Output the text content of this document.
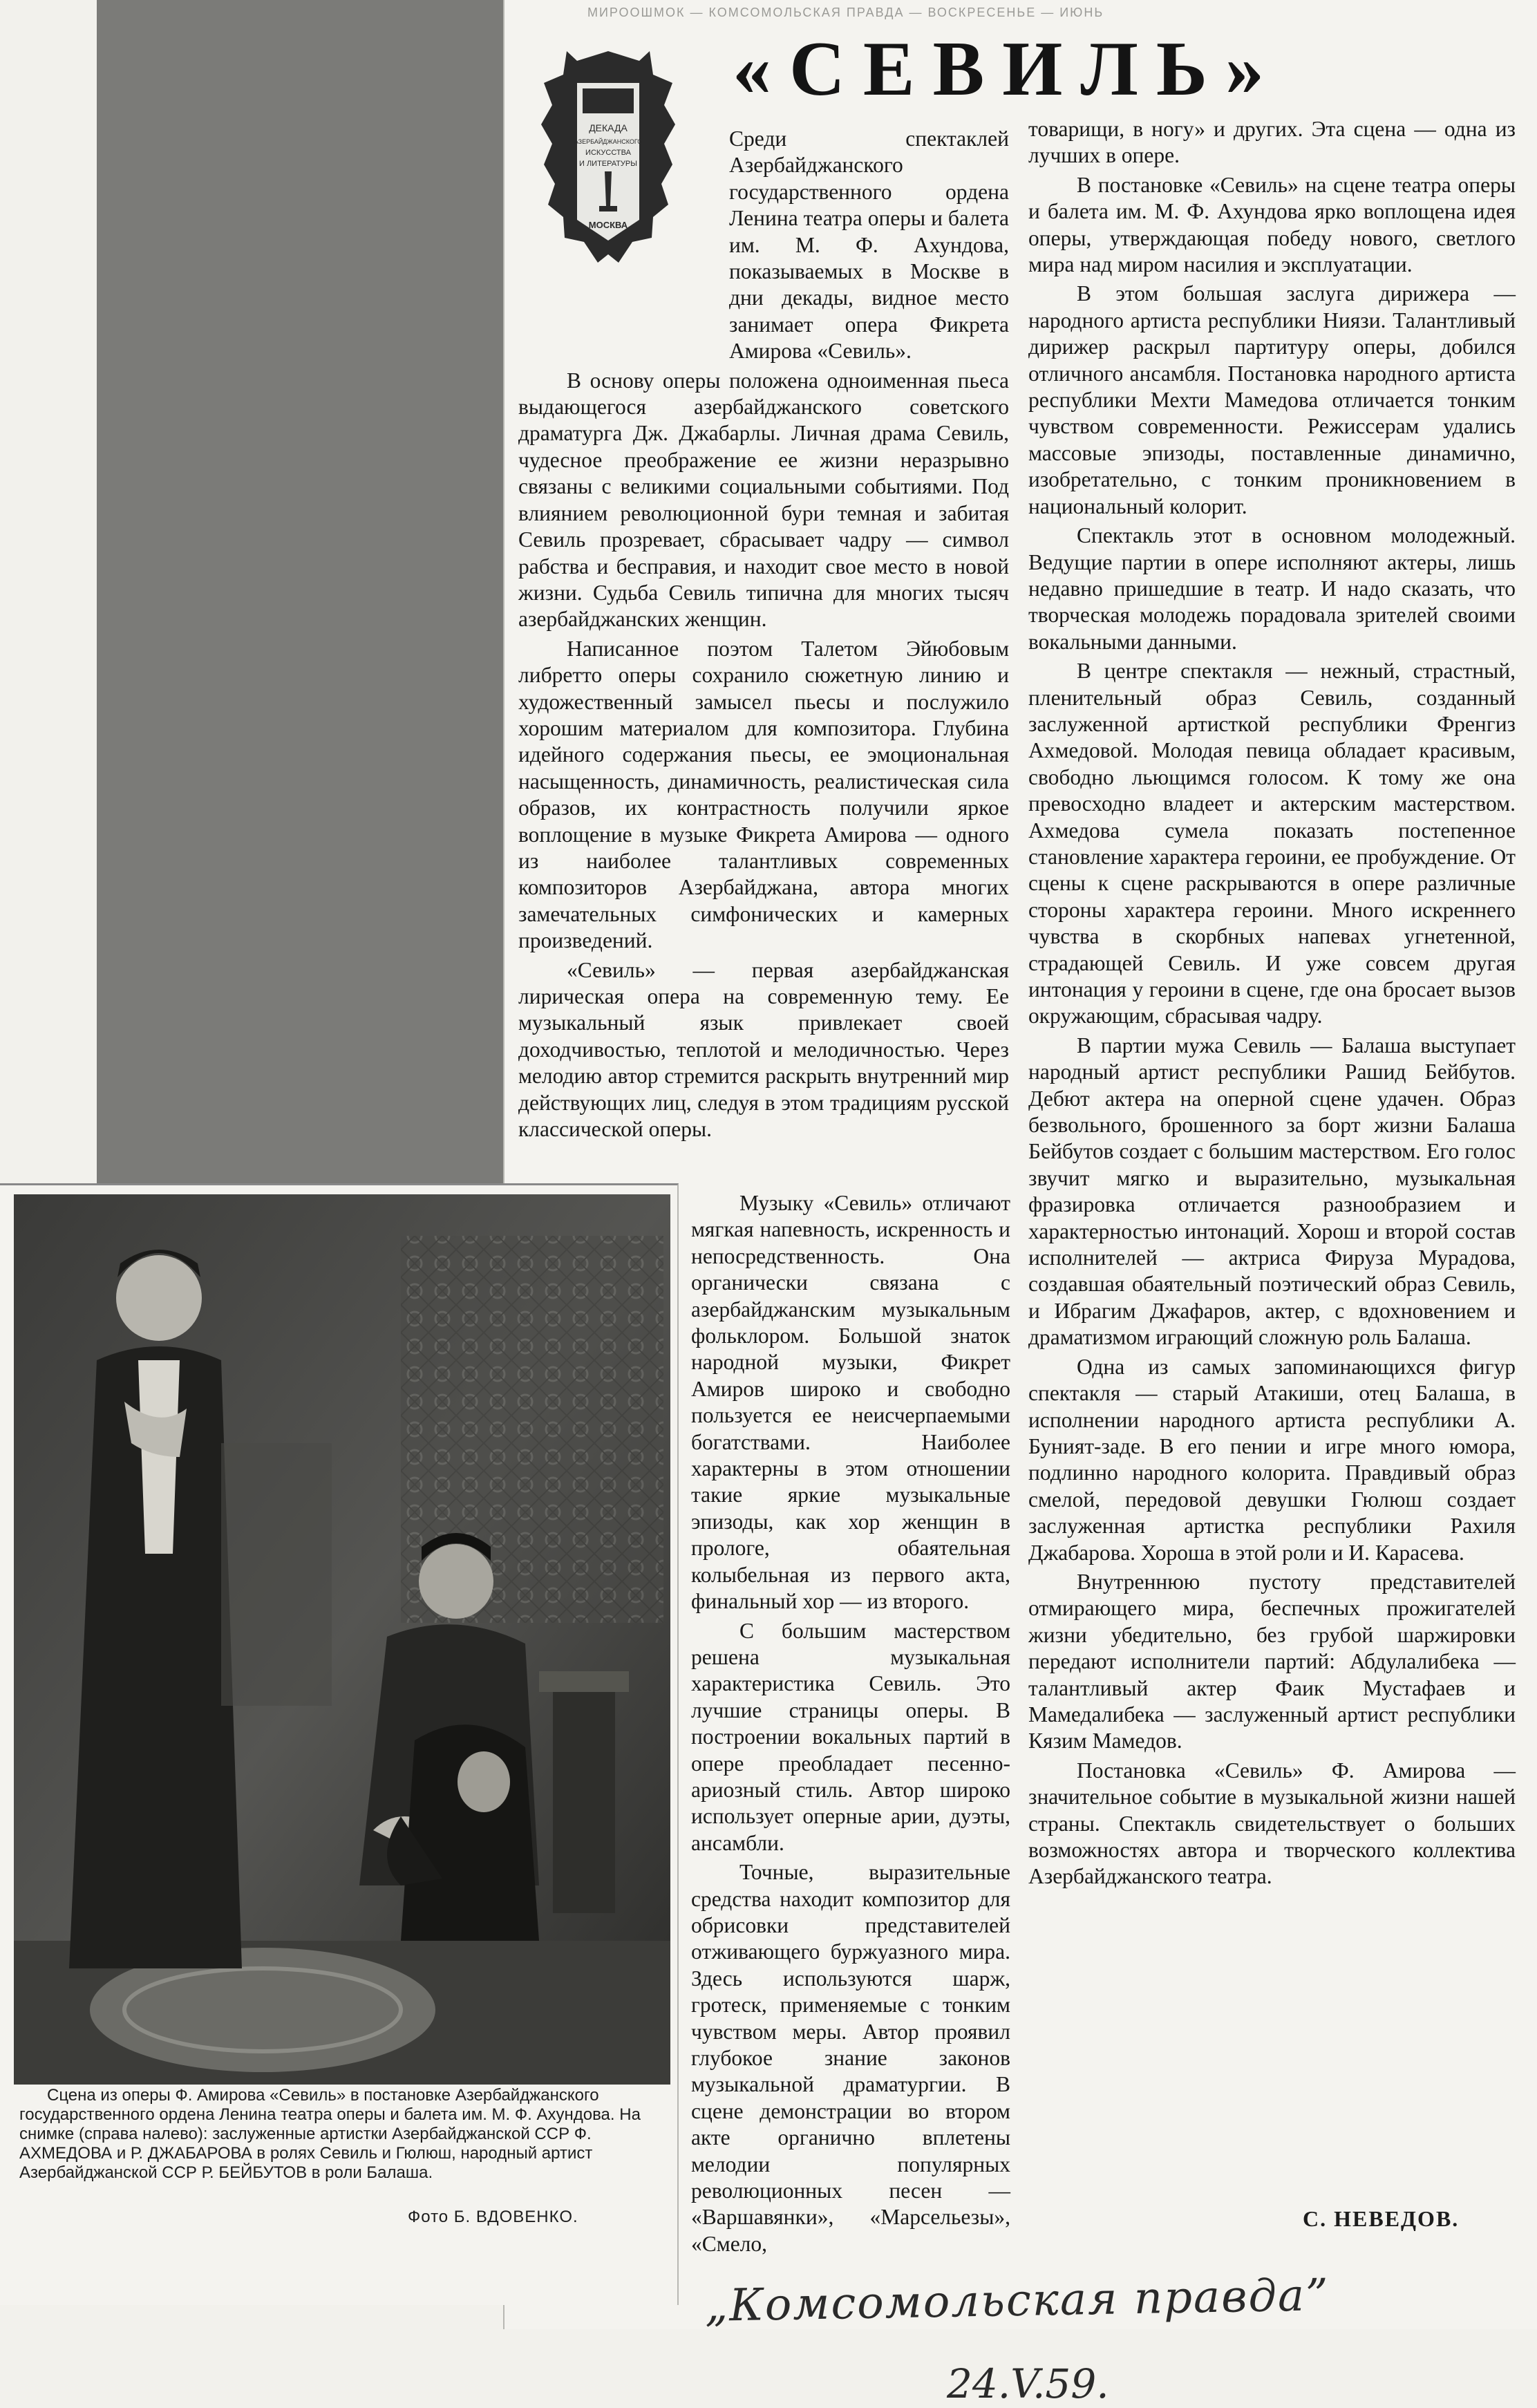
МИРООШМОК — КОМСОМОЛЬСКАЯ ПРАВДА — ВОСКРЕСЕНЬЕ — ИЮНЬ
ДЕКАДА
АЗЕРБАЙДЖАНСКОГО
ИСКУССТВА
И ЛИТЕРАТУРЫ
МОСКВА
«СЕВИЛЬ»

Среди спектаклей Азербайджанского государственного ордена Ленина театра оперы и балета им. М. Ф. Ахундова, показываемых в Москве в дни декады, видное место занимает опера Фикрета Амирова «Севиль».

В основу оперы положена одноименная пьеса выдающегося азербайджанского советского драматурга Дж. Джабарлы. Личная драма Севиль, чудесное преображение ее жизни неразрывно связаны с великими социальными событиями. Под влиянием революционной бури темная и забитая Севиль прозревает, сбрасывает чадру — символ рабства и бесправия, и находит свое место в новой жизни. Судьба Севиль типична для многих тысяч азербайджанских женщин.

Написанное поэтом Талетом Эйюбовым либретто оперы сохранило сюжетную линию и художественный замысел пьесы и послужило хорошим материалом для композитора. Глубина идейного содержания пьесы, ее эмоциональная насыщенность, динамичность, реалистическая сила образов, их контрастность получили яркое воплощение в музыке Фикрета Амирова — одного из наиболее талантливых современных композиторов Азербайджана, автора многих замечательных симфонических и камерных произведений.

«Севиль» — первая азербайджанская лирическая опера на современную тему. Ее музыкальный язык привлекает своей доходчивостью, теплотой и мелодичностью. Через мелодию автор стремится раскрыть внутренний мир действующих лиц, следуя в этом традициям русской классической оперы.

Музыку «Севиль» отличают мягкая напевность, искренность и непосредственность. Она органически связана с азербайджанским музыкальным фольклором. Большой знаток народной музыки, Фикрет Амиров широко и свободно пользуется ее неисчерпаемыми богатствами. Наиболее характерны в этом отношении такие яркие музыкальные эпизоды, как хор женщин в прологе, обаятельная колыбельная из первого акта, финальный хор — из второго.

С большим мастерством решена музыкальная характеристика Севиль. Это лучшие страницы оперы. В построении вокальных партий в опере преобладает песенно-ариозный стиль. Автор широко использует оперные арии, дуэты, ансамбли.

Точные, выразительные средства находит композитор для обрисовки представителей отживающего буржуазного мира. Здесь используются шарж, гротеск, применяемые с тонким чувством меры. Автор проявил глубокое знание законов музыкальной драматургии. В сцене демонстрации во втором акте органично вплетены мелодии популярных революционных песен — «Варшавянки», «Марсельезы», «Смело,

товарищи, в ногу» и других. Эта сцена — одна из лучших в опере.

В постановке «Севиль» на сцене театра оперы и балета им. М. Ф. Ахундова ярко воплощена идея оперы, утверждающая победу нового, светлого мира над миром насилия и эксплуатации.

В этом большая заслуга дирижера — народного артиста республики Ниязи. Талантливый дирижер раскрыл партитуру оперы, добился отличного ансамбля. Постановка народного артиста республики Мехти Мамедова отличается тонким чувством современности. Режиссерам удались массовые эпизоды, поставленные динамично, изобретательно, с тонким проникновением в национальный колорит.

Спектакль этот в основном молодежный. Ведущие партии в опере исполняют актеры, лишь недавно пришедшие в театр. И надо сказать, что творческая молодежь порадовала зрителей своими вокальными данными.

В центре спектакля — нежный, страстный, пленительный образ Севиль, созданный заслуженной артисткой республики Френгиз Ахмедовой. Молодая певица обладает красивым, свободно льющимся голосом. К тому же она превосходно владеет и актерским мастерством. Ахмедова сумела показать постепенное становление характера героини, ее пробуждение. От сцены к сцене раскрываются в опере различные стороны характера героини. Много искреннего чувства в скорбных напевах угнетенной, страдающей Севиль. И уже совсем другая интонация у героини в сцене, где она бросает вызов окружающим, сбрасывая чадру.

В партии мужа Севиль — Балаша выступает народный артист республики Рашид Бейбутов. Дебют актера на оперной сцене удачен. Образ безвольного, брошенного за борт жизни Балаша Бейбутов создает с большим мастерством. Его голос звучит мягко и выразительно, музыкальная фразировка отличается разнообразием и характерностью интонаций. Хорош и второй состав исполнителей — актриса Фируза Мурадова, создавшая обаятельный поэтический образ Севиль, и Ибрагим Джафаров, актер, с вдохновением и драматизмом играющий сложную роль Балаша.

Одна из самых запоминающихся фигур спектакля — старый Атакиши, отец Балаша, в исполнении народного артиста республики А. Буният-заде. В его пении и игре много юмора, подлинно народного колорита. Правдивый образ смелой, передовой девушки Гюлюш создает заслуженная артистка республики Рахиля Джабарова. Хороша в этой роли и И. Карасева.

Внутреннюю пустоту представителей отмирающего мира, беспечных прожигателей жизни убедительно, без грубой шаржировки передают исполнители партий: Абдулалибека — талантливый актер Фаик Мустафаев и Мамедалибека — заслуженный артист республики Кязим Мамедов.

Постановка «Севиль» Ф. Амирова — значительное событие в музыкальной жизни нашей страны. Спектакль свидетельствует о больших возможностях автора и творческого коллектива Азербайджанского театра.

С. НЕВЕДОВ.
Сцена из оперы Ф. Амирова «Севиль» в постановке Азербайджанского государственного ордена Ленина театра оперы и балета им. М. Ф. Ахундова. На снимке (справа налево): заслуженные артистки Азербайджанской ССР Ф. АХМЕДОВА и Р. ДЖАБАРОВА в ролях Севиль и Гюлюш, народный артист Азербайджанской ССР Р. БЕЙБУТОВ в роли Балаша.
Фото Б. ВДОВЕНКО.
„Комсомольская правда”
24.V.59.
